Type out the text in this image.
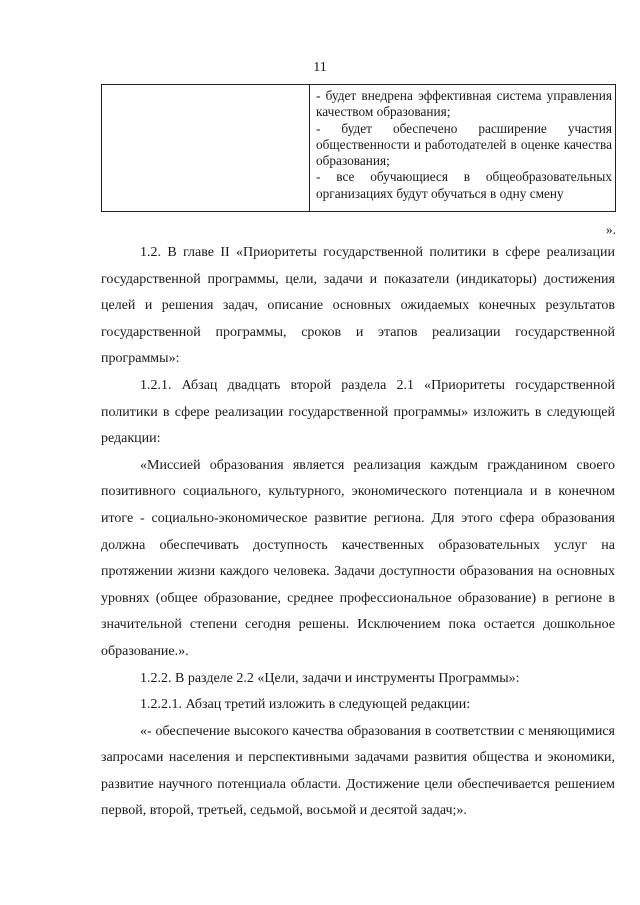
11

- будет внедрена эффективная система управления качеством образования;

- будет обеспечено расширение участия общественности и работодателей в оценке качества образования;

- все обучающиеся в общеобразовательных организациях будут обучаться в одну смену

».

1.2. В главе II «Приоритеты государственной политики в сфере реализации государственной программы, цели, задачи и показатели (индикаторы) достижения целей и решения задач, описание основных ожидаемых конечных результатов государственной программы, сроков и этапов реализации государственной программы»:

1.2.1. Абзац двадцать второй раздела 2.1 «Приоритеты государственной политики в сфере реализации государственной программы» изложить в следующей редакции:

«Миссией образования является реализация каждым гражданином своего позитивного социального, культурного, экономического потенциала и в конечном итоге - социально-экономическое развитие региона. Для этого сфера образования должна обеспечивать доступность качественных образовательных услуг на протяжении жизни каждого человека. Задачи доступности образования на основных уровнях (общее образование, среднее профессиональное образование) в регионе в значительной степени сегодня решены. Исключением пока остается дошкольное образование.».

1.2.2. В разделе 2.2 «Цели, задачи и инструменты Программы»:

1.2.2.1. Абзац третий изложить в следующей редакции:

«- обеспечение высокого качества образования в соответствии с меняющимися запросами населения и перспективными задачами развития общества и экономики, развитие научного потенциала области. Достижение цели обеспечивается решением первой, второй, третьей, седьмой, восьмой и десятой задач;».
